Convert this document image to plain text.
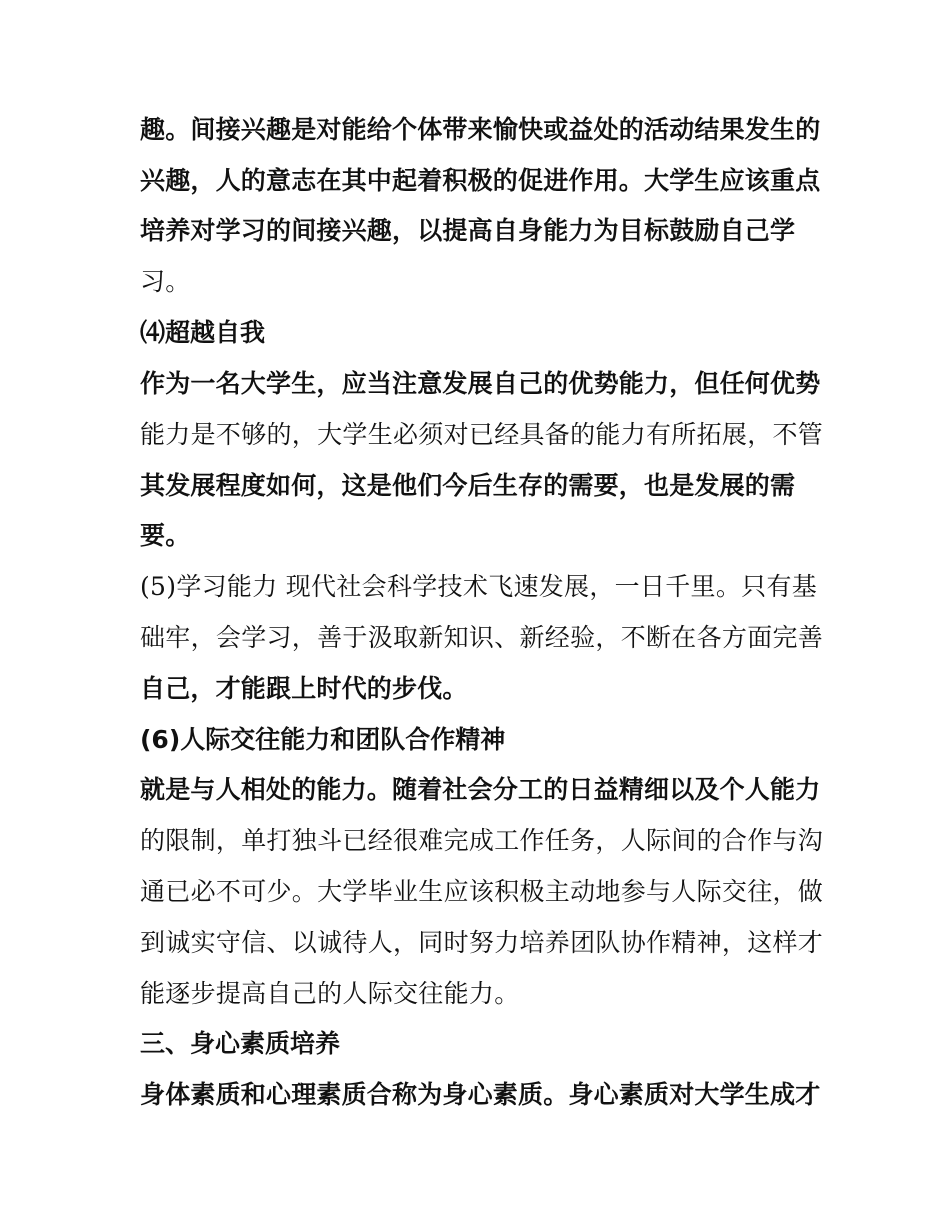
趣。间接兴趣是对能给个体带来愉快或益处的活动结果发生的
兴趣，人的意志在其中起着积极的促进作用。大学生应该重点
培养对学习的间接兴趣，以提高自身能力为目标鼓励自己学
习。
⑷超越自我
作为一名大学生，应当注意发展自己的优势能力，但任何优势
能力是不够的，大学生必须对已经具备的能力有所拓展，不管
其发展程度如何，这是他们今后生存的需要，也是发展的需
要。
(5)学习能力 现代社会科学技术飞速发展，一日千里。只有基
础牢，会学习，善于汲取新知识、新经验，不断在各方面完善
自己，才能跟上时代的步伐。
(6)人际交往能力和团队合作精神
就是与人相处的能力。随着社会分工的日益精细以及个人能力
的限制，单打独斗已经很难完成工作任务，人际间的合作与沟
通已必不可少。大学毕业生应该积极主动地参与人际交往，做
到诚实守信、以诚待人，同时努力培养团队协作精神，这样才
能逐步提高自己的人际交往能力。
三、身心素质培养
身体素质和心理素质合称为身心素质。身心素质对大学生成才
